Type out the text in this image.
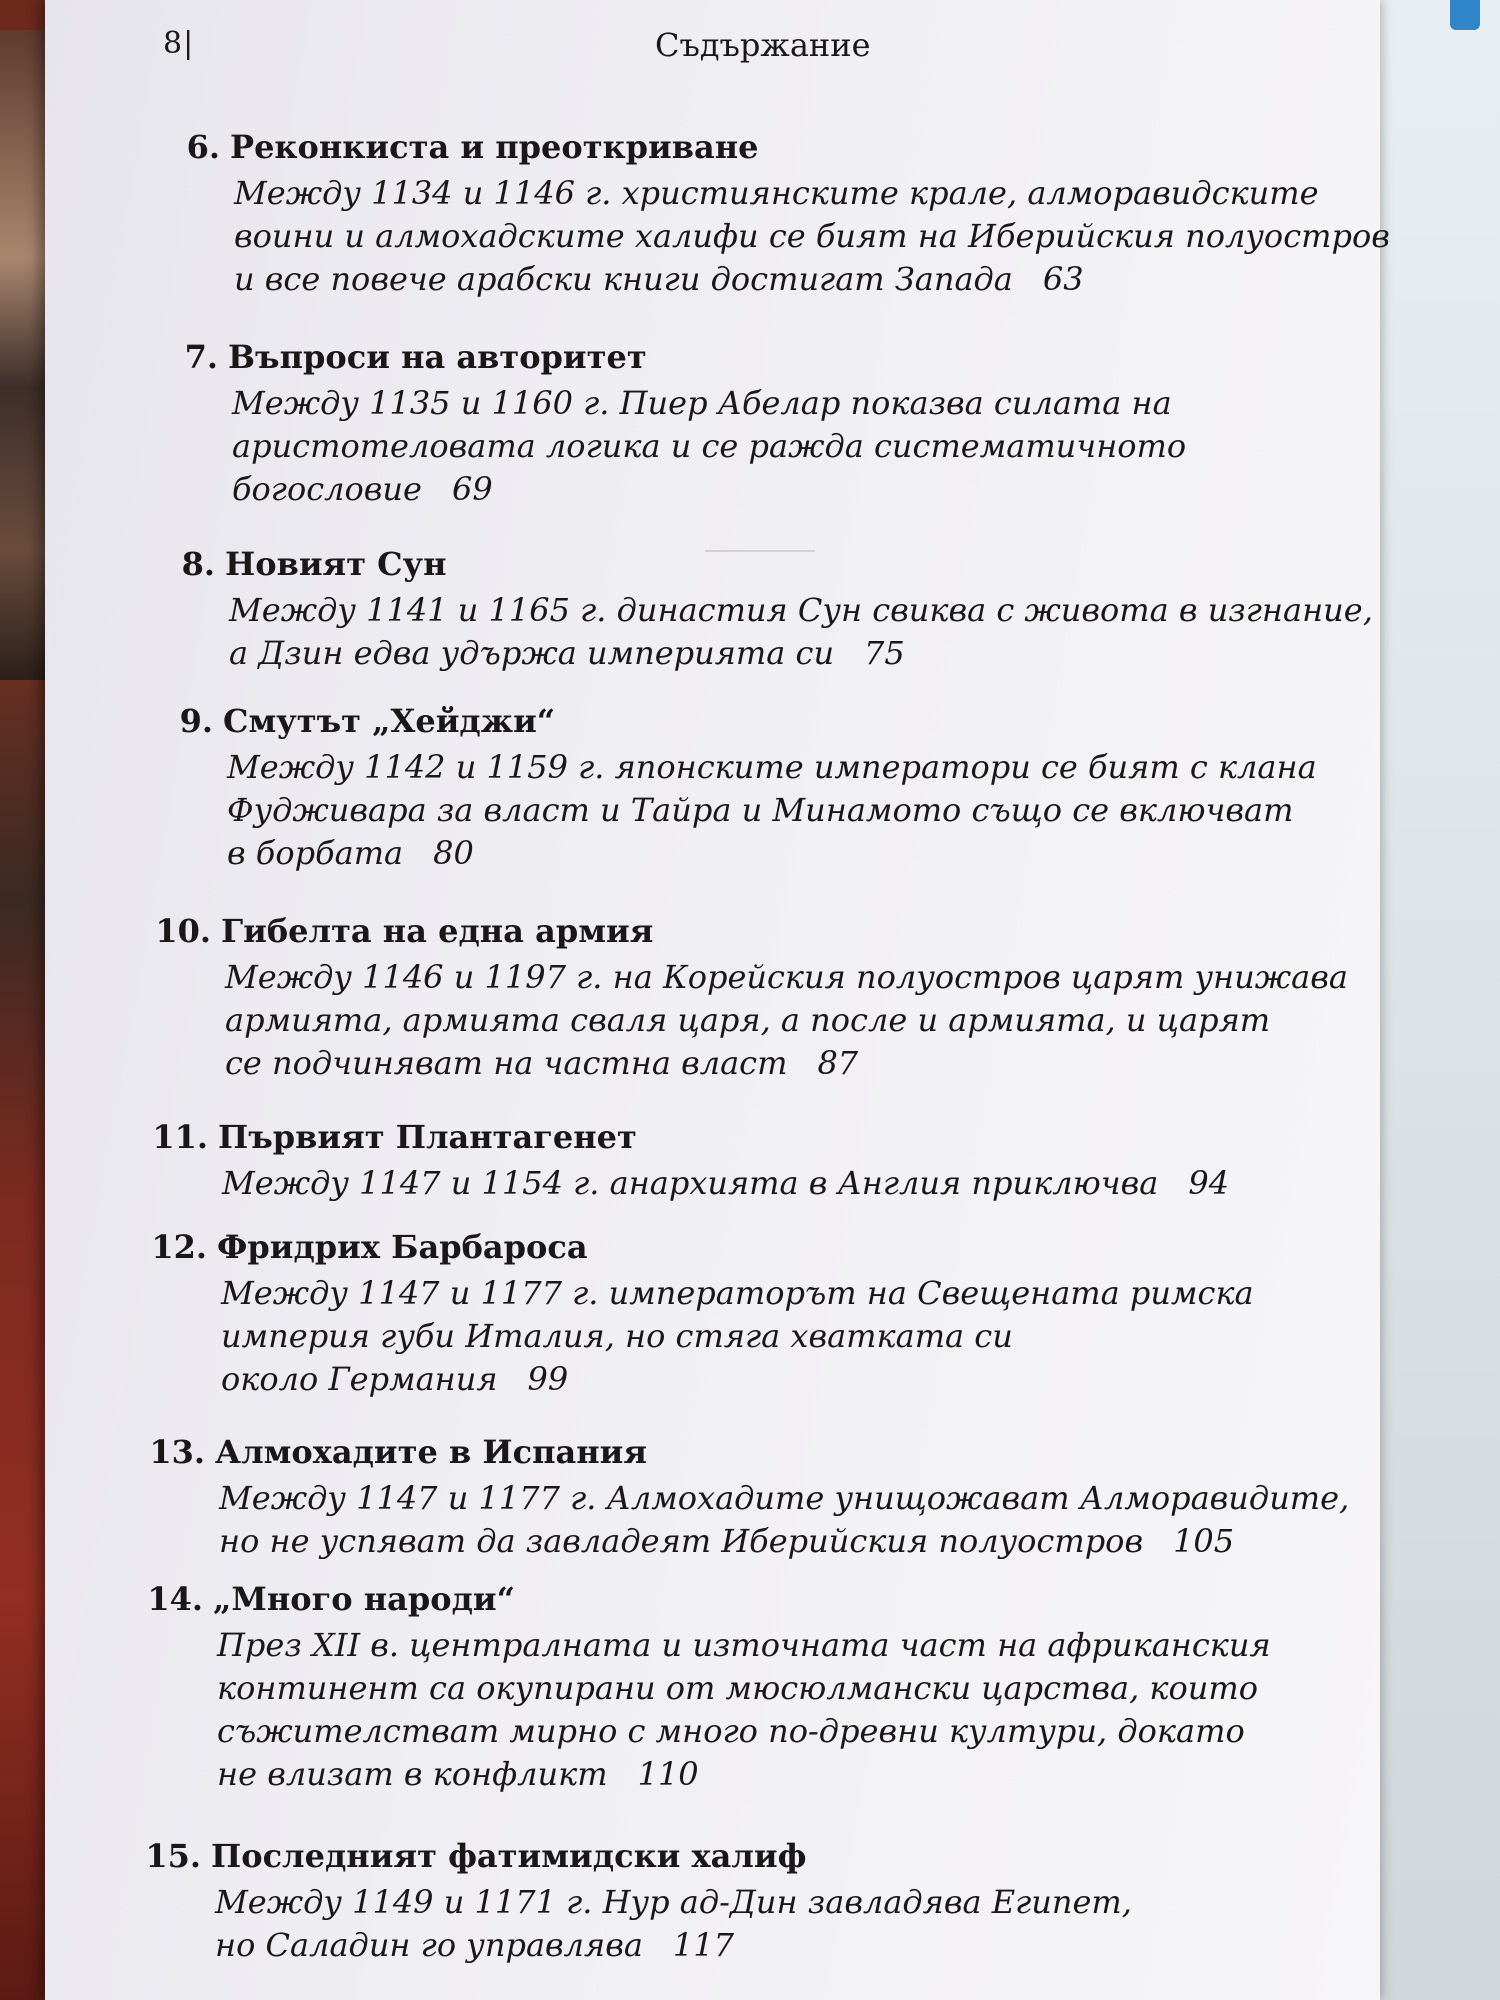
8|	Съдържание
6. Реконкиста и преоткриване
Между 1134 и 1146 г. християнските крале, алморавидските
воини и алмохадските халифи се бият на Иберийския полуостров
и все повече арабски книги достигат Запада 63
7. Въпроси на авторитет
Между 1135 и 1160 г. Пиер Абелар показва силата на
аристотеловата логика и се ражда систематичното
богословие 69
8. Новият Сун
Между 1141 и 1165 г. династия Сун свиква с живота в изгнание,
а Дзин едва удържа империята си 75
9. Смутът „Хейджи“
Между 1142 и 1159 г. японските императори се бият с клана
Фудживара за власт и Тайра и Минамото също се включват
в борбата 80
10. Гибелта на една армия
Между 1146 и 1197 г. на Корейския полуостров царят унижава
армията, армията сваля царя, а после и армията, и царят
се подчиняват на частна власт 87
11. Първият Плантагенет
Между 1147 и 1154 г. анархията в Англия приключва 94
12. Фридрих Барбароса
Между 1147 и 1177 г. императорът на Свещената римска
империя губи Италия, но стяга хватката си
около Германия 99
13. Алмохадите в Испания
Между 1147 и 1177 г. Алмохадите унищожават Алморавидите,
но не успяват да завладеят Иберийския полуостров 105
14. „Много народи“
През XII в. централната и източната част на африканския
континент са окупирани от мюсюлмански царства, които
съжителстват мирно с много по-древни култури, докато
не влизат в конфликт 110
15. Последният фатимидски халиф
Между 1149 и 1171 г. Нур ад-Дин завладява Египет,
но Саладин го управлява 117
